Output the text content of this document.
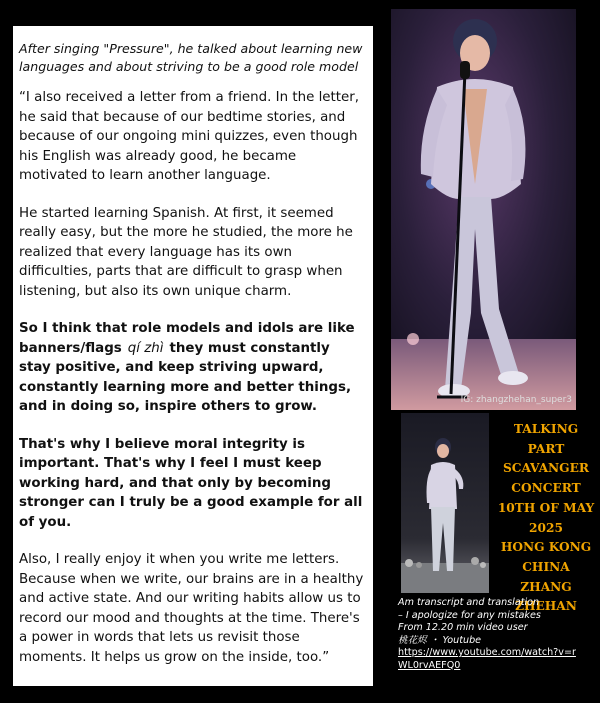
After singing "Pressure", he talked about learning new languages and about striving to be a good role model

“I also received a letter from a friend. In the letter, he said that because of our bedtime stories, and because of our ongoing mini quizzes, even though his English was already good, he became motivated to learn another language.

He started learning Spanish. At first, it seemed really easy, but the more he studied, the more he realized that every language has its own difficulties, parts that are difficult to grasp when listening, but also its own unique charm.

So I think that role models and idols are like banners/flags qí zhì they must constantly stay positive, and keep striving upward, constantly learning more and better things, and in doing so, inspire others to grow.

That's why I believe moral integrity is important. That's why I feel I must keep working hard, and that only by becoming stronger can I truly be a good example for all of you.

Also, I really enjoy it when you write me letters. Because when we write, our brains are in a healthy and active state. And our writing habits allow us to record our mood and thoughts at the time. There's a power in words that lets us revisit those moments. It helps us grow on the inside, too.”

IG: zhangzhehan_super3
TALKING
PART
SCAVANGER
CONCERT
10TH OF MAY
2025
HONG KONG
CHINA
ZHANG
ZHEHAN
Am transcript and translation
– I apologize for any mistakes
From 12.20 min video user
桃花烬 ・ Youtube
https://www.youtube.com/watch?v=r
WL0rvAEFQ0
